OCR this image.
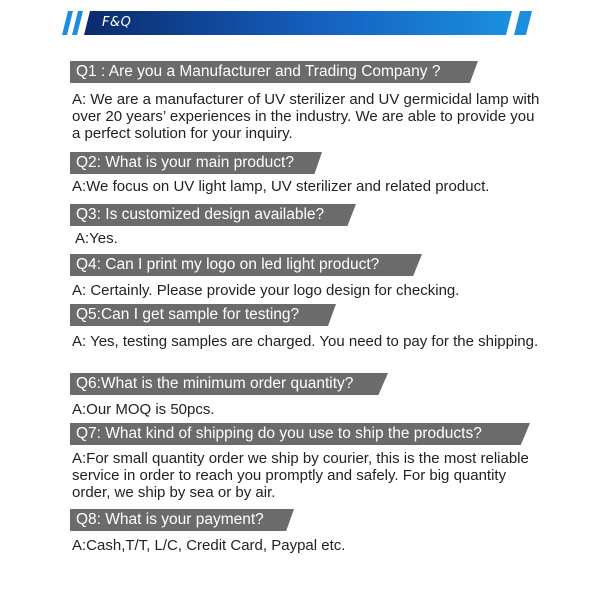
F&Q
Q1 : Are you a Manufacturer and Trading Company ?
A: We are a manufacturer of UV sterilizer and UV germicidal lamp with over 20 years’ experiences in the industry. We are able to provide you a perfect solution for your inquiry.
Q2: What is your main product?
A:We focus on UV light lamp, UV sterilizer and related product.
Q3: Is customized design available?
A:Yes.
Q4: Can I print my logo on led light product?
A: Certainly. Please provide your logo design for checking.
Q5:Can I get sample for testing?
A: Yes, testing samples are charged. You need to pay for the shipping.
Q6:What is the minimum order quantity?
A:Our MOQ is 50pcs.
Q7: What kind of shipping do you use to ship the products?
A:For small quantity order we ship by courier, this is the most reliable service in order to reach you promptly and safely. For big quantity order, we ship by sea or by air.
Q8: What is your payment?
A:Cash,T/T, L/C, Credit Card, Paypal etc.
